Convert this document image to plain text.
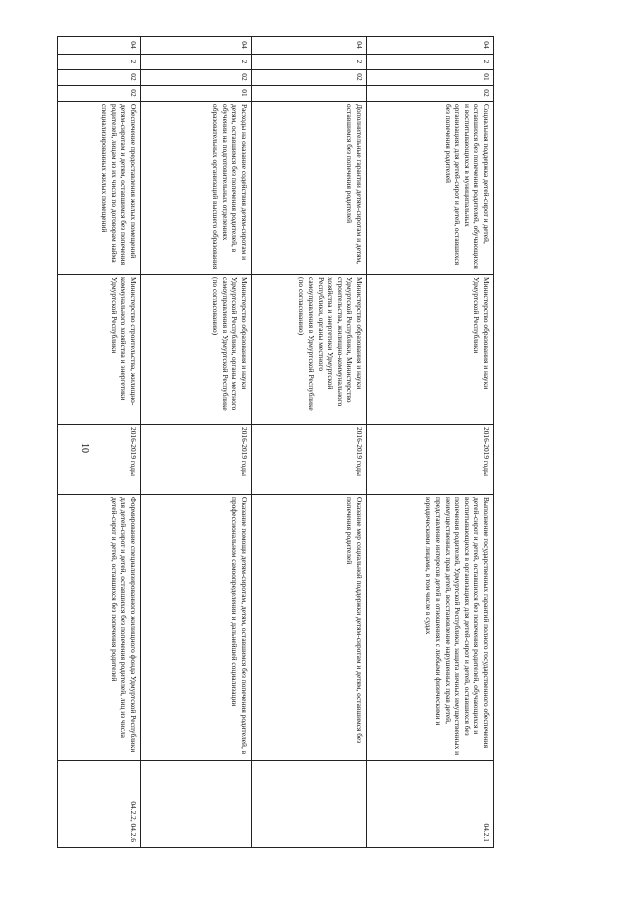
10
04
2
01
02
Социальная поддержка детей-сирот и детей, оставшихся без попечения родителей, обучающихся и воспитывающихся в муниципальных организациях для детей-сирот и детей, оставшихся без попечения родителей
Министерство образования и науки Удмуртской Республики
2016-2019 годы
Выполнение государственных гарантий полного государственного обеспечения детей-сирот и детей, оставшихся без попечения родителей, обучающихся и воспитывающихся в организациях для детей-сирот и детей, оставшихся без попечения родителей, Удмуртской Республики, защита личных имущественных и неимущественных прав детей, восстановление нарушенных прав детей, представление интересов детей в отношениях с любыми физическими и юридическими лицами, в том числе в судах
04.2.1
04
2
02
Дополнительные гарантии детям-сиротам и детям, оставшимся без попечения родителей
Министерство образования и науки Удмуртской Республики, Министерство строительства, жилищно-коммунального хозяйства и энергетики Удмуртской Республики, органы местного самоуправления в Удмуртской Республике (по согласованию)
2016-2019 годы
Оказание мер социальной поддержки детям-сиротам и детям, оставшимся без попечения родителей
04
2
02
01
Расходы на оказание содействия детям-сиротам и детям, оставшимся без попечения родителей, в обучении на подготовительных отделениях образовательных организаций высшего образования
Министерство образования и науки Удмуртской Республики, органы местного самоуправления в Удмуртской Республике (по согласованию)
2016-2019 годы
Оказание помощи детям-сиротам, детям, оставшимся без попечения родителей, в профессиональном самоопределении и дальнейшей социализации
04
2
02
02
Обеспечение предоставления жилых помещений детям-сиротам и детям, оставшимся без попечения родителей, лицам из их числа по договорам найма специализированных жилых помещений
Министерство строительства, жилищно-коммунального хозяйства и энергетики Удмуртской Республики
2016-2019 годы
Формирование специализированного жилищного фонда Удмуртской Республики для детей-сирот и детей, оставшихся без попечения родителей, лиц из числа детей-сирот и детей, оставшихся без попечения родителей
04.2.2, 04.2.6
